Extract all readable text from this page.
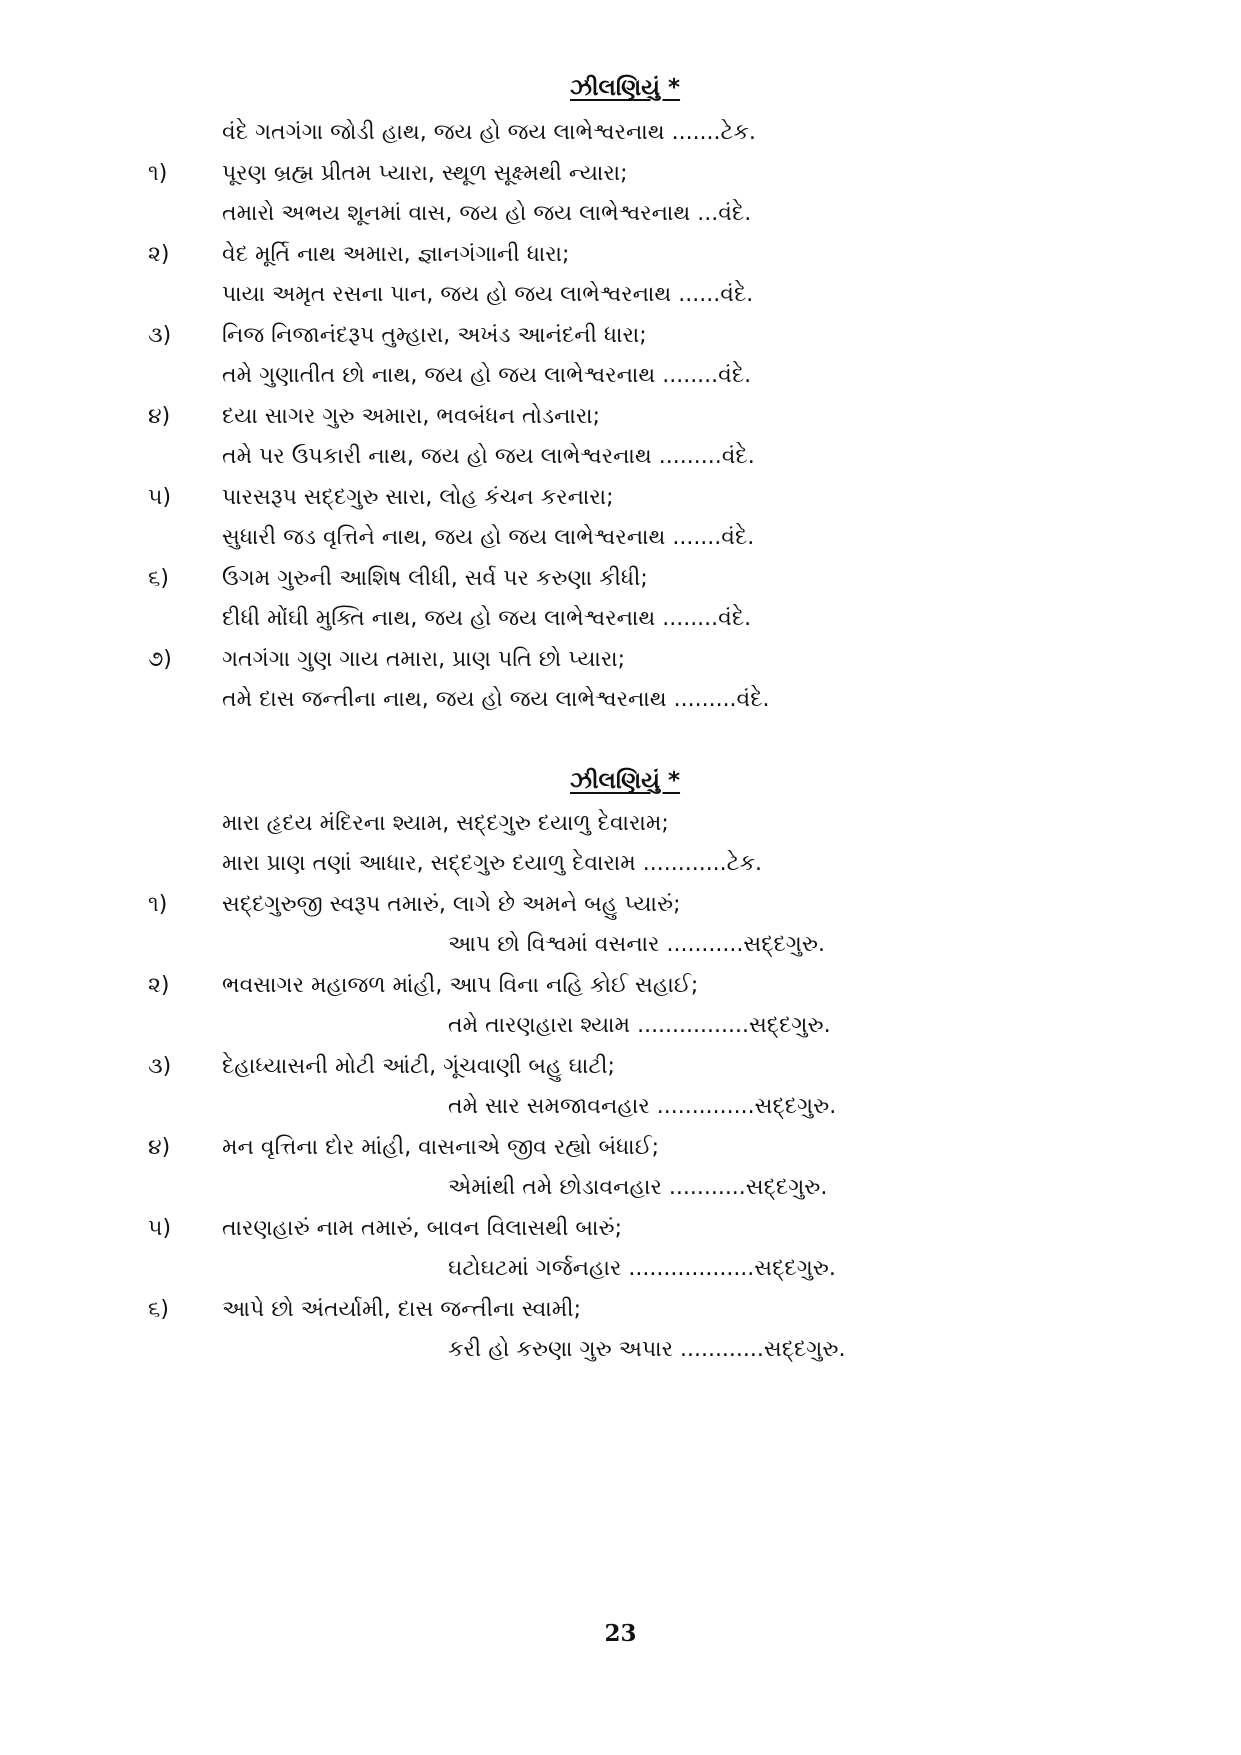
ઝીલણિયું *
વંદે ગતગંગા જોડી હાથ, જય હો જય લાભેશ્વરનાથ .......ટેક.
૧) પૂરણ બ્રહ્મ પ્રીતમ પ્યારા, સ્થૂળ સૂક્ષ્મથી ન્યારા;
તમારો અભય શૂનમાં વાસ, જય હો જય લાભેશ્વરનાથ ...વંદે.
૨) વેદ મૂર્તિ નાથ અમારા, જ્ઞાનગંગાની ધારા;
પાયા અમૃત રસના પાન, જય હો જય લાભેશ્વરનાથ ......વંદે.
૩) નિજ નિજાનંદરૂપ તુમ્હારા, અખંડ આનંદની ધારા;
તમે ગુણાતીત છો નાથ, જય હો જય લાભેશ્વરનાથ ........વંદે.
૪) દયા સાગર ગુરુ અમારા, ભવબંધન તોડનારા;
તમે પર ઉપકારી નાથ, જય હો જય લાભેશ્વરનાથ .........વંદે.
૫) પારસરૂપ સદ્દગુરુ સારા, લોહ કંચન કરનારા;
સુધારી જડ વૃત્તિને નાથ, જય હો જય લાભેશ્વરનાથ .......વંદે.
૬) ઉગમ ગુરુની આશિષ લીધી, સર્વ પર કરુણા કીધી;
દીધી મોંઘી મુક્તિ નાથ, જય હો જય લાભેશ્વરનાથ ........વંદે.
૭) ગતગંગા ગુણ ગાય તમારા, પ્રાણ પતિ છો પ્યારા;
તમે દાસ જન્તીના નાથ, જય હો જય લાભેશ્વરનાથ .........વંદે.
ઝીલણિયું *
મારા હૃદય મંદિરના શ્યામ, સદ્દગુરુ દયાળુ દેવારામ;
મારા પ્રાણ તણાં આધાર, સદ્દગુરુ દયાળુ દેવારામ ............ટેક.
૧) સદ્દગુરુજી સ્વરૂપ તમારું, લાગે છે અમને બહુ પ્યારું;
આપ છો વિશ્વમાં વસનાર ...........સદ્દગુરુ.
૨) ભવસાગર મહાજળ માંહી, આપ વિના નહિ કોઈ સહાઈ;
તમે તારણહારા શ્યામ ................સદ્દગુરુ.
૩) દેહાધ્યાસની મોટી આંટી, ગૂંચવાણી બહુ ઘાટી;
તમે સાર સમજાવનહાર ..............સદ્દગુરુ.
૪) મન વૃત્તિના દોર માંહી, વાસનાએ જીવ રહ્યો બંધાઈ;
એમાંથી તમે છોડાવનહાર ...........સદ્દગુરુ.
૫) તારણહારું નામ તમારું, બાવન વિલાસથી બારું;
ઘટોઘટમાં ગર્જનહાર ..................સદ્દગુરુ.
૬) આપે છો અંતર્યામી, દાસ જન્તીના સ્વામી;
કરી હો કરુણા ગુરુ અપાર ............સદ્દગુરુ.
23
